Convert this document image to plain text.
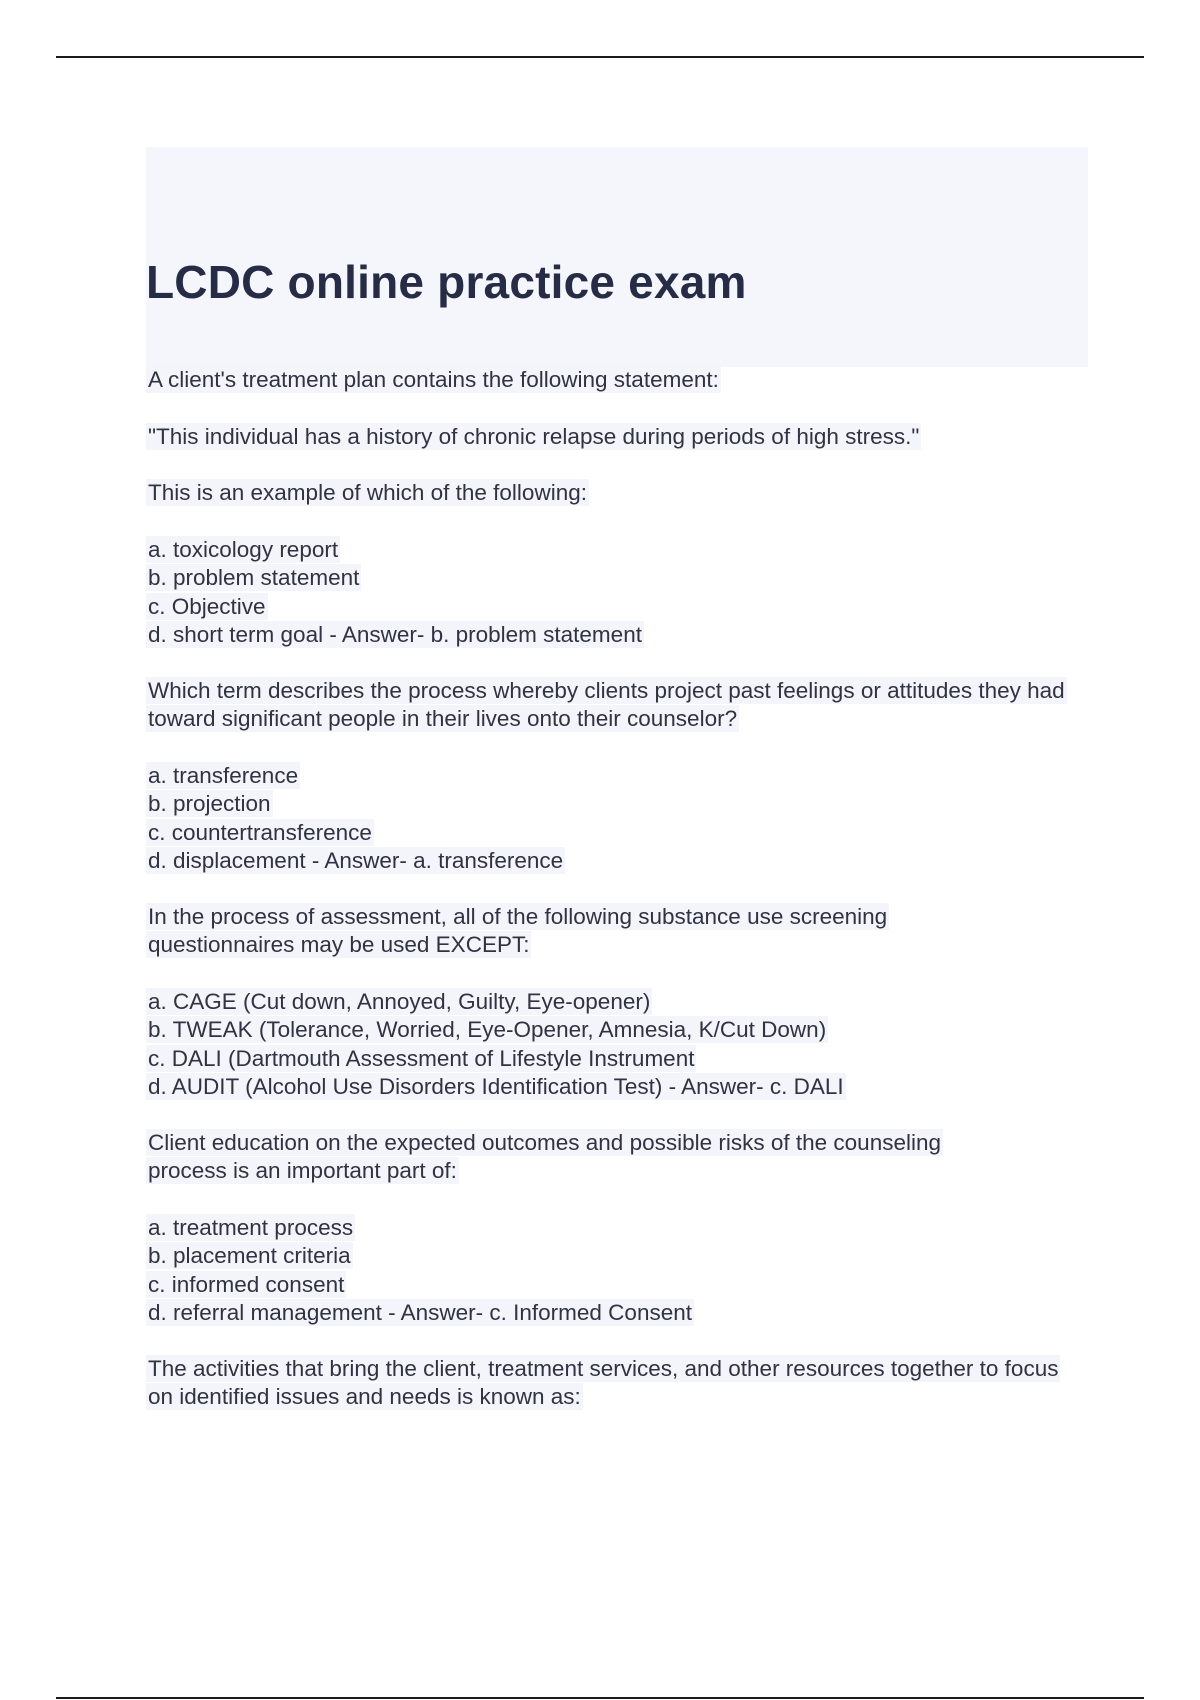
LCDC online practice exam

A client's treatment plan contains the following statement:

"This individual has a history of chronic relapse during periods of high stress."

This is an example of which of the following:

a. toxicology report
b. problem statement
c. Objective
d. short term goal - Answer- b. problem statement

Which term describes the process whereby clients project past feelings or attitudes they had toward significant people in their lives onto their counselor?

a. transference
b. projection
c. countertransference
d. displacement - Answer- a. transference

In the process of assessment, all of the following substance use screening questionnaires may be used EXCEPT:

a. CAGE (Cut down, Annoyed, Guilty, Eye-opener)
b. TWEAK (Tolerance, Worried, Eye-Opener, Amnesia, K/Cut Down)
c. DALI (Dartmouth Assessment of Lifestyle Instrument
d. AUDIT (Alcohol Use Disorders Identification Test) - Answer- c. DALI

Client education on the expected outcomes and possible risks of the counseling process is an important part of:

a. treatment process
b. placement criteria
c. informed consent
d. referral management - Answer- c. Informed Consent

The activities that bring the client, treatment services, and other resources together to focus on identified issues and needs is known as:
